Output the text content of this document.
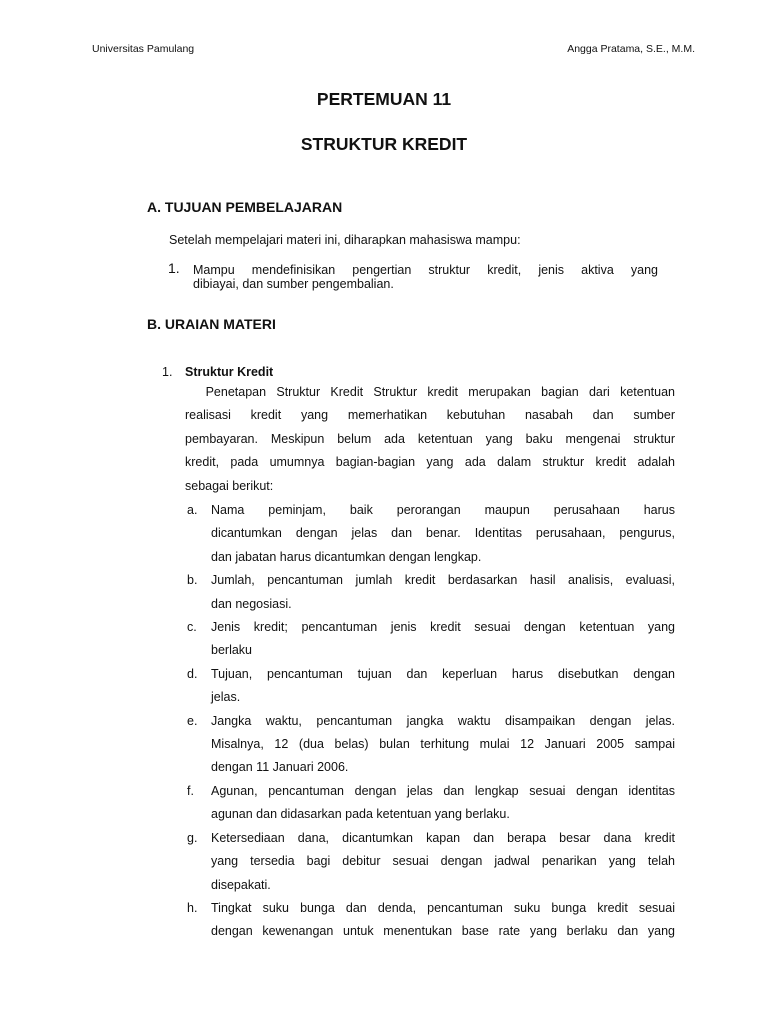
Universitas Pamulang	Angga Pratama, S.E., M.M.
PERTEMUAN 11
STRUKTUR KREDIT
A. TUJUAN PEMBELAJARAN
Setelah mempelajari materi ini, diharapkan mahasiswa mampu:
1. Mampu mendefinisikan pengertian struktur kredit, jenis aktiva yang
dibiayai, dan sumber pengembalian.
B. URAIAN MATERI
1. Struktur Kredit
Penetapan Struktur Kredit Struktur kredit merupakan bagian dari ketentuan
realisasi kredit yang memerhatikan kebutuhan nasabah dan sumber
pembayaran. Meskipun belum ada ketentuan yang baku mengenai struktur
kredit, pada umumnya bagian-bagian yang ada dalam struktur kredit adalah
sebagai berikut:
a. Nama peminjam, baik perorangan maupun perusahaan harus
dicantumkan dengan jelas dan benar. Identitas perusahaan, pengurus,
dan jabatan harus dicantumkan dengan lengkap.
b. Jumlah, pencantuman jumlah kredit berdasarkan hasil analisis, evaluasi,
dan negosiasi.
c. Jenis kredit; pencantuman jenis kredit sesuai dengan ketentuan yang
berlaku
d. Tujuan, pencantuman tujuan dan keperluan harus disebutkan dengan
jelas.
e. Jangka waktu, pencantuman jangka waktu disampaikan dengan jelas.
Misalnya, 12 (dua belas) bulan terhitung mulai 12 Januari 2005 sampai
dengan 11 Januari 2006.
f. Agunan, pencantuman dengan jelas dan lengkap sesuai dengan identitas
agunan dan didasarkan pada ketentuan yang berlaku.
g. Ketersediaan dana, dicantumkan kapan dan berapa besar dana kredit
yang tersedia bagi debitur sesuai dengan jadwal penarikan yang telah
disepakati.
h. Tingkat suku bunga dan denda, pencantuman suku bunga kredit sesuai
dengan kewenangan untuk menentukan base rate yang berlaku dan yang
